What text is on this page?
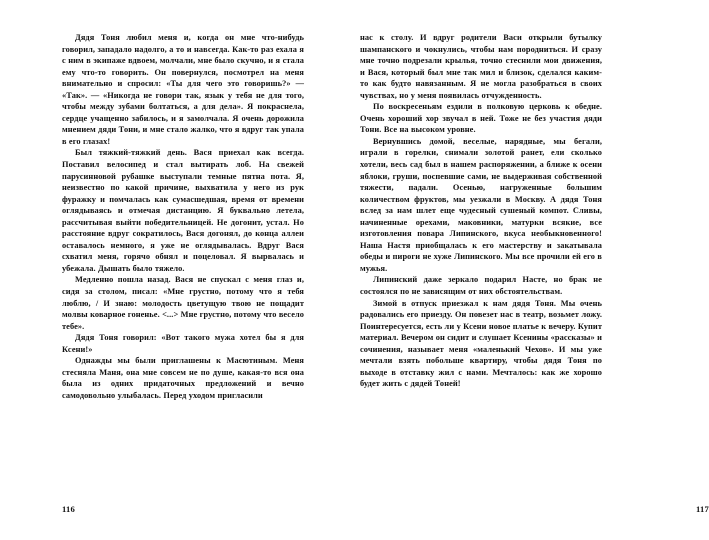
Дядя Тоня любил меня и, когда он мне что-нибудь говорил, западало надолго, а то и навсегда. Как-то раз ехала я с ним в экипаже вдвоем, молчали, мне было скучно, и я стала ему что-то говорить. Он повернулся, посмотрел на меня внимательно и спросил: «Ты для чего это говоришь?» — «Так». — «Никогда не говори так, язык у тебя не для того, чтобы между зубами болтаться, а для дела». Я покраснела, сердце учащенно забилось, и я замолчала. Я очень дорожила мнением дяди Тони, и мне стало жалко, что я вдруг так упала в его глазах!

Был тяжкий-тяжкий день. Вася приехал как всегда. Поставил велосипед и стал вытирать лоб. На свежей парусинновой рубашке выступали темные пятна пота. Я, неизвестно по какой причине, выхватила у него из рук фуражку и помчалась как сумасшедшая, время от времени оглядываясь и отмечая дистанцию. Я буквально летела, рассчитывая выйти победительницей. Не догонит, устал. Но расстояние вдруг сократилось, Вася догонял, до конца аллеи оставалось немного, я уже не оглядывалась. Вдруг Вася схватил меня, горячо обнял и поцеловал. Я вырвалась и убежала. Дышать было тяжело.

Медленно пошла назад. Вася не спускал с меня глаз и, сидя за столом, писал: «Мне грустно, потому что я тебя люблю, / И знаю: молодость цветущую твою не пощадит молвы коварное гоненье. <...> Мне грустно, потому что весело тебе».

Дядя Тоня говорил: «Вот такого мужа хотел бы я для Ксени!»

Однажды мы были приглашены к Масютиным. Меня стесняла Маня, она мне совсем не по душе, какая-то вся она была из одних придаточных предложений и вечно самодовольно улыбалась. Перед уходом пригласили

116

нас к столу. И вдруг родители Васи открыли бутылку шампанского и чокнулись, чтобы нам породниться. И сразу мне точно подрезали крылья, точно стеснили мои движения, и Вася, который был мне так мил и близок, сделался каким-то как будто навязанным. Я не могла разобраться в своих чувствах, но у меня появилась отчужденность.

По воскресеньям ездили в полковую церковь к обедне. Очень хороший хор звучал в ней. Тоже не без участия дяди Тони. Все на высоком уровне.

Вернувшись домой, веселые, нарядные, мы бегали, играли в горелки, снимали золотой ранет, ели сколько хотели, весь сад был в нашем распоряжении, а ближе к осени яблоки, груши, поспевшие сами, не выдерживая собственной тяжести, падали. Осенью, нагруженные большим количеством фруктов, мы уезжали в Москву. А дядя Тоня вслед за нам шлет еще чудесный сушеный компот. Сливы, начиненные орехами, маковники, матурки всякие, все изготовления повара Липинского, вкуса необыкновенного! Наша Настя приобщалась к его мастерству и закатывала обеды и пироги не хуже Липинского. Мы все прочили ей его в мужья.

Липинский даже зеркало подарил Насте, но брак не состоялся по не зависящим от них обстоятельствам.

Зимой в отпуск приезжал к нам дядя Тоня. Мы очень радовались его приезду. Он повезет нас в театр, возьмет ложу. Поинтересуется, есть ли у Ксени новое платье к вечеру. Купит материал. Вечером он сидит и слушает Ксенины «рассказы» и сочинения, называет меня «маленький Чехов». И мы уже мечтали взять побольше квартиру, чтобы дядя Тоня по выходе в отставку жил с нами. Мечталось: как же хорошо будет жить с дядей Тоней!

117
